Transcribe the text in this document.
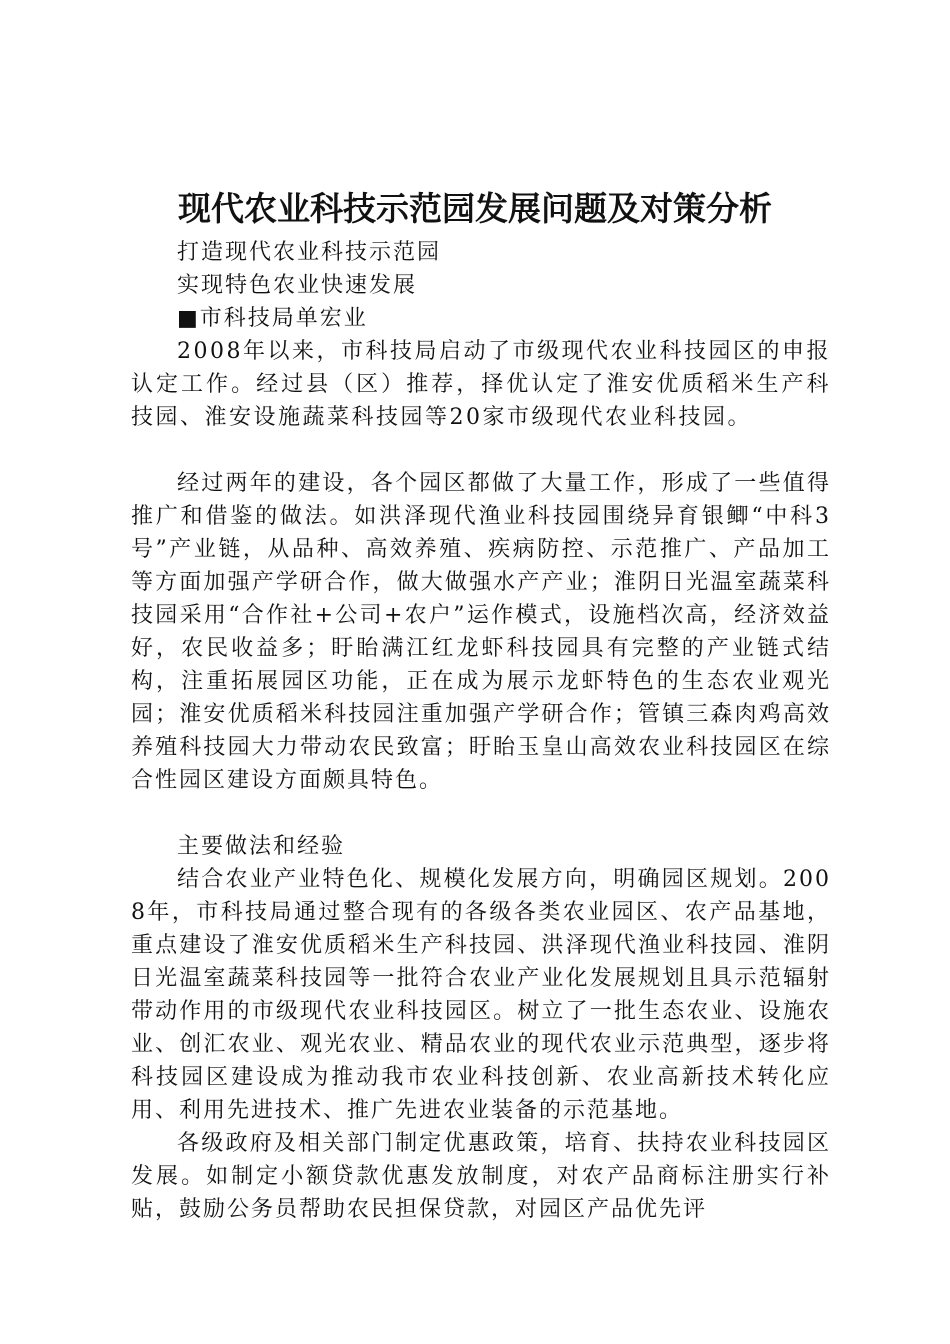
现代农业科技示范园发展问题及对策分析

打造现代农业科技示范园

实现特色农业快速发展

■市科技局单宏业

2008年以来，市科技局启动了市级现代农业科技园区的申报认定工作。经过县（区）推荐，择优认定了淮安优质稻米生产科技园、淮安设施蔬菜科技园等20家市级现代农业科技园。

经过两年的建设，各个园区都做了大量工作，形成了一些值得推广和借鉴的做法。如洪泽现代渔业科技园围绕异育银鲫“中科3号”产业链，从品种、高效养殖、疾病防控、示范推广、产品加工等方面加强产学研合作，做大做强水产产业；淮阴日光温室蔬菜科技园采用“合作社+公司+农户”运作模式，设施档次高，经济效益好，农民收益多；盱眙满江红龙虾科技园具有完整的产业链式结构，注重拓展园区功能，正在成为展示龙虾特色的生态农业观光园；淮安优质稻米科技园注重加强产学研合作；管镇三森肉鸡高效养殖科技园大力带动农民致富；盱眙玉皇山高效农业科技园区在综合性园区建设方面颇具特色。

主要做法和经验

结合农业产业特色化、规模化发展方向，明确园区规划。2008年，市科技局通过整合现有的各级各类农业园区、农产品基地，重点建设了淮安优质稻米生产科技园、洪泽现代渔业科技园、淮阴日光温室蔬菜科技园等一批符合农业产业化发展规划且具示范辐射带动作用的市级现代农业科技园区。树立了一批生态农业、设施农业、创汇农业、观光农业、精品农业的现代农业示范典型，逐步将科技园区建设成为推动我市农业科技创新、农业高新技术转化应用、利用先进技术、推广先进农业装备的示范基地。

各级政府及相关部门制定优惠政策，培育、扶持农业科技园区发展。如制定小额贷款优惠发放制度，对农产品商标注册实行补贴，鼓励公务员帮助农民担保贷款，对园区产品优先评
